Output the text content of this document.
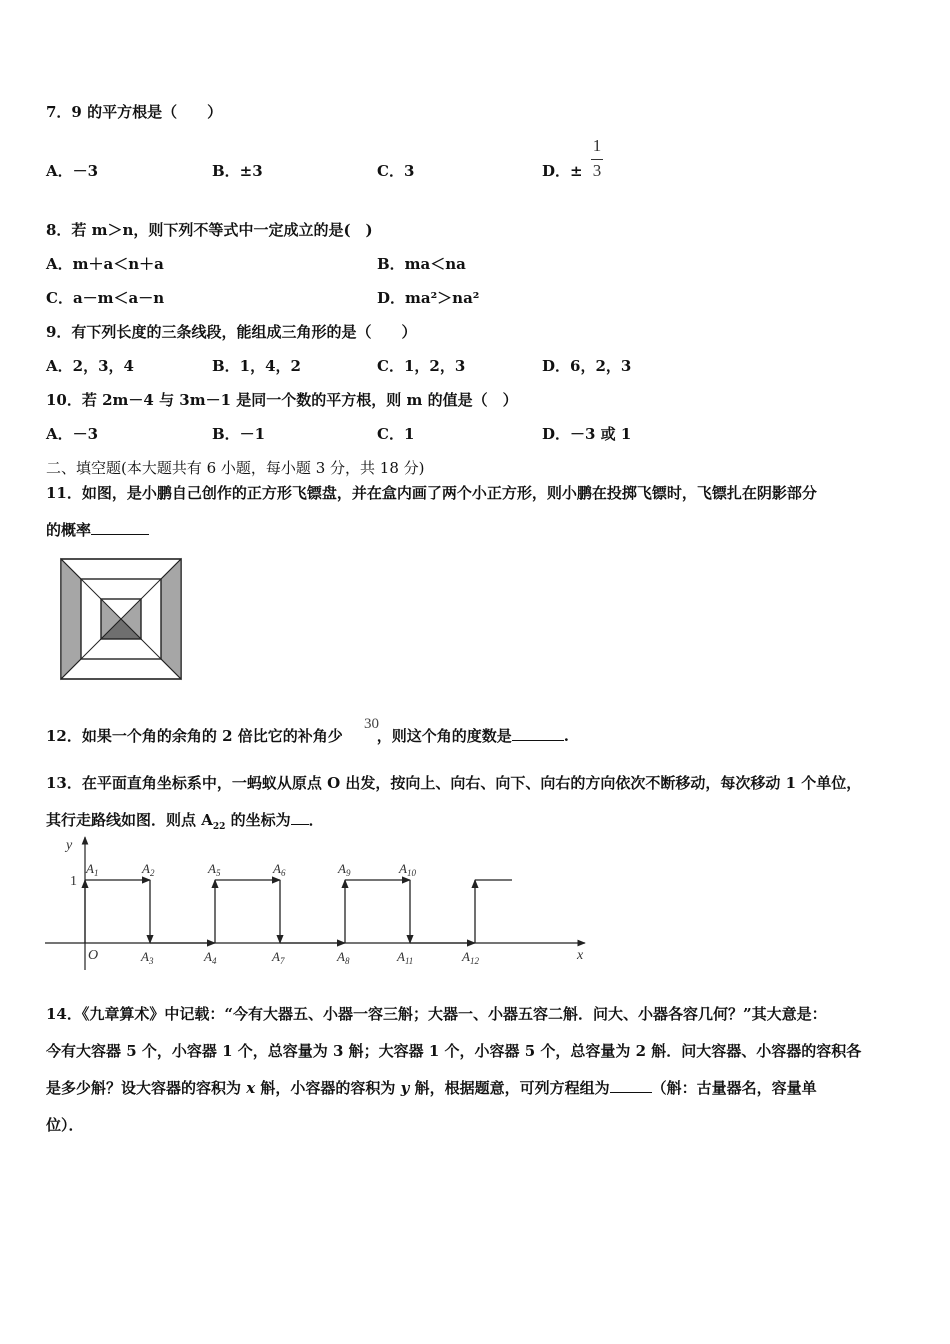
7．9 的平方根是（　　）
A．－3	B．±3	C．3	D．±
1
3
8．若 m＞n，则下列不等式中一定成立的是(　)
A．m＋a＜n＋a	B．ma＜na
C．a－m＜a－n	D．ma²＞na²
9．有下列长度的三条线段，能组成三角形的是（　　）
A．2，3，4	B．1，4，2	C．1，2，3	D．6，2，3
10．若 2m－4 与 3m－1 是同一个数的平方根，则 m 的值是（　）
A．－3	B．－1	C．1	D．－3 或 1
二、填空题(本大题共有 6 小题，每小题 3 分，共 18 分)
11．如图，是小鹏自己创作的正方形飞镖盘，并在盒内画了两个小正方形，则小鹏在投掷飞镖时，飞镖扎在阴影部分
的概率
12．如果一个角的余角的 2 倍比它的补角少 ，则这个角的度数是	.
30
13．在平面直角坐标系中，一蚂蚁从原点 O 出发，按向上、向右、向下、向右的方向依次不断移动，每次移动 1 个单位，
其行走路线如图．则点 $A_{22}$ 的坐标为 ．
y
x
O
1
$A_1$	$A_2$
$A_3$	$A_4$
$A_5$	$A_6$
$A_7$	$A_8$
$A_9$	$A_{10}$
$A_{11}$	$A_{12}$
14．《九章算术》中记载：“今有大器五、小器一容三斛；大器一、小器五容二斛．问大、小器各容几何？”其大意是：
今有大容器 5 个，小容器 1 个，总容量为 3 斛；大容器 1 个，小容器 5 个，总容量为 2 斛．问大容器、小容器的容积各
是多少斛？设大容器的容积为 x 斛，小容器的容积为 y 斛，根据题意，可列方程组为	（斛：古量器名，容量单
位）．
